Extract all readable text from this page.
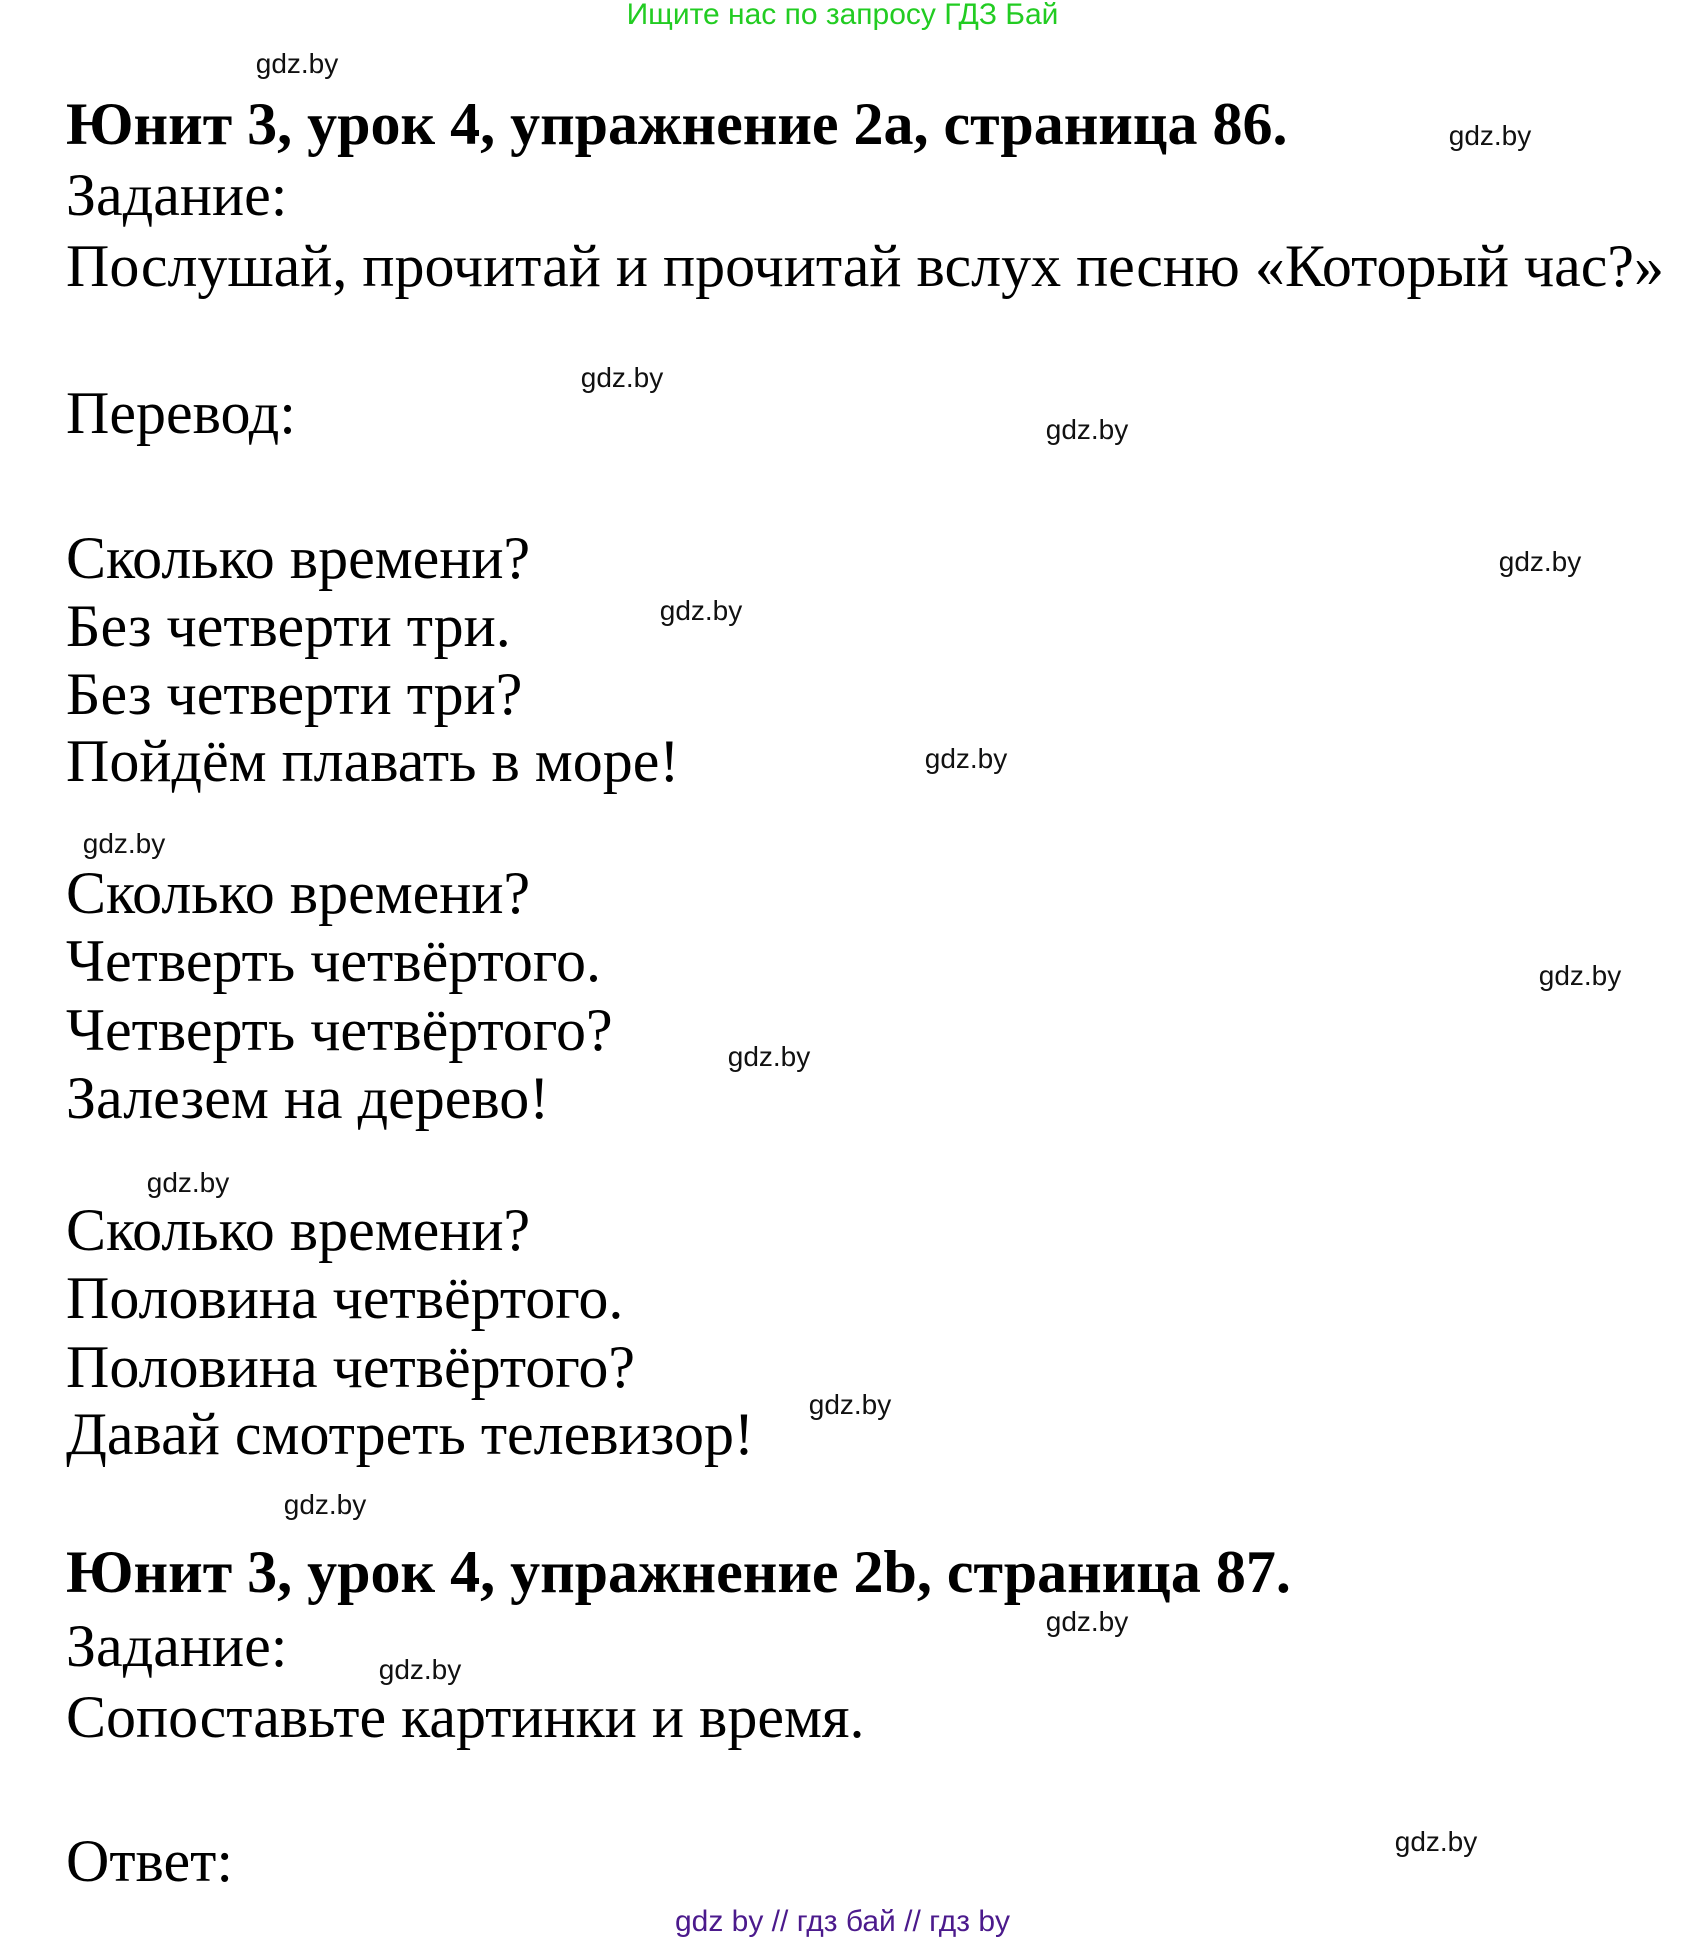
Ищите нас по запросу ГДЗ Бай
Юнит 3, урок 4, упражнение 2a, страница 86.
Задание:
Послушай, прочитай и прочитай вслух песню «Который час?»
Перевод:
Сколько времени?
Без четверти три.
Без четверти три?
Пойдём плавать в море!
Сколько времени?
Четверть четвёртого.
Четверть четвёртого?
Залезем на дерево!
Сколько времени?
Половина четвёртого.
Половина четвёртого?
Давай смотреть телевизор!
Юнит 3, урок 4, упражнение 2b, страница 87.
Задание:
Сопоставьте картинки и время.
Ответ:
gdz.by
gdz.by
gdz.by
gdz.by
gdz.by
gdz.by
gdz.by
gdz.by
gdz.by
gdz.by
gdz.by
gdz.by
gdz.by
gdz.by
gdz.by
gdz.by
gdz by // гдз бай // гдз by
